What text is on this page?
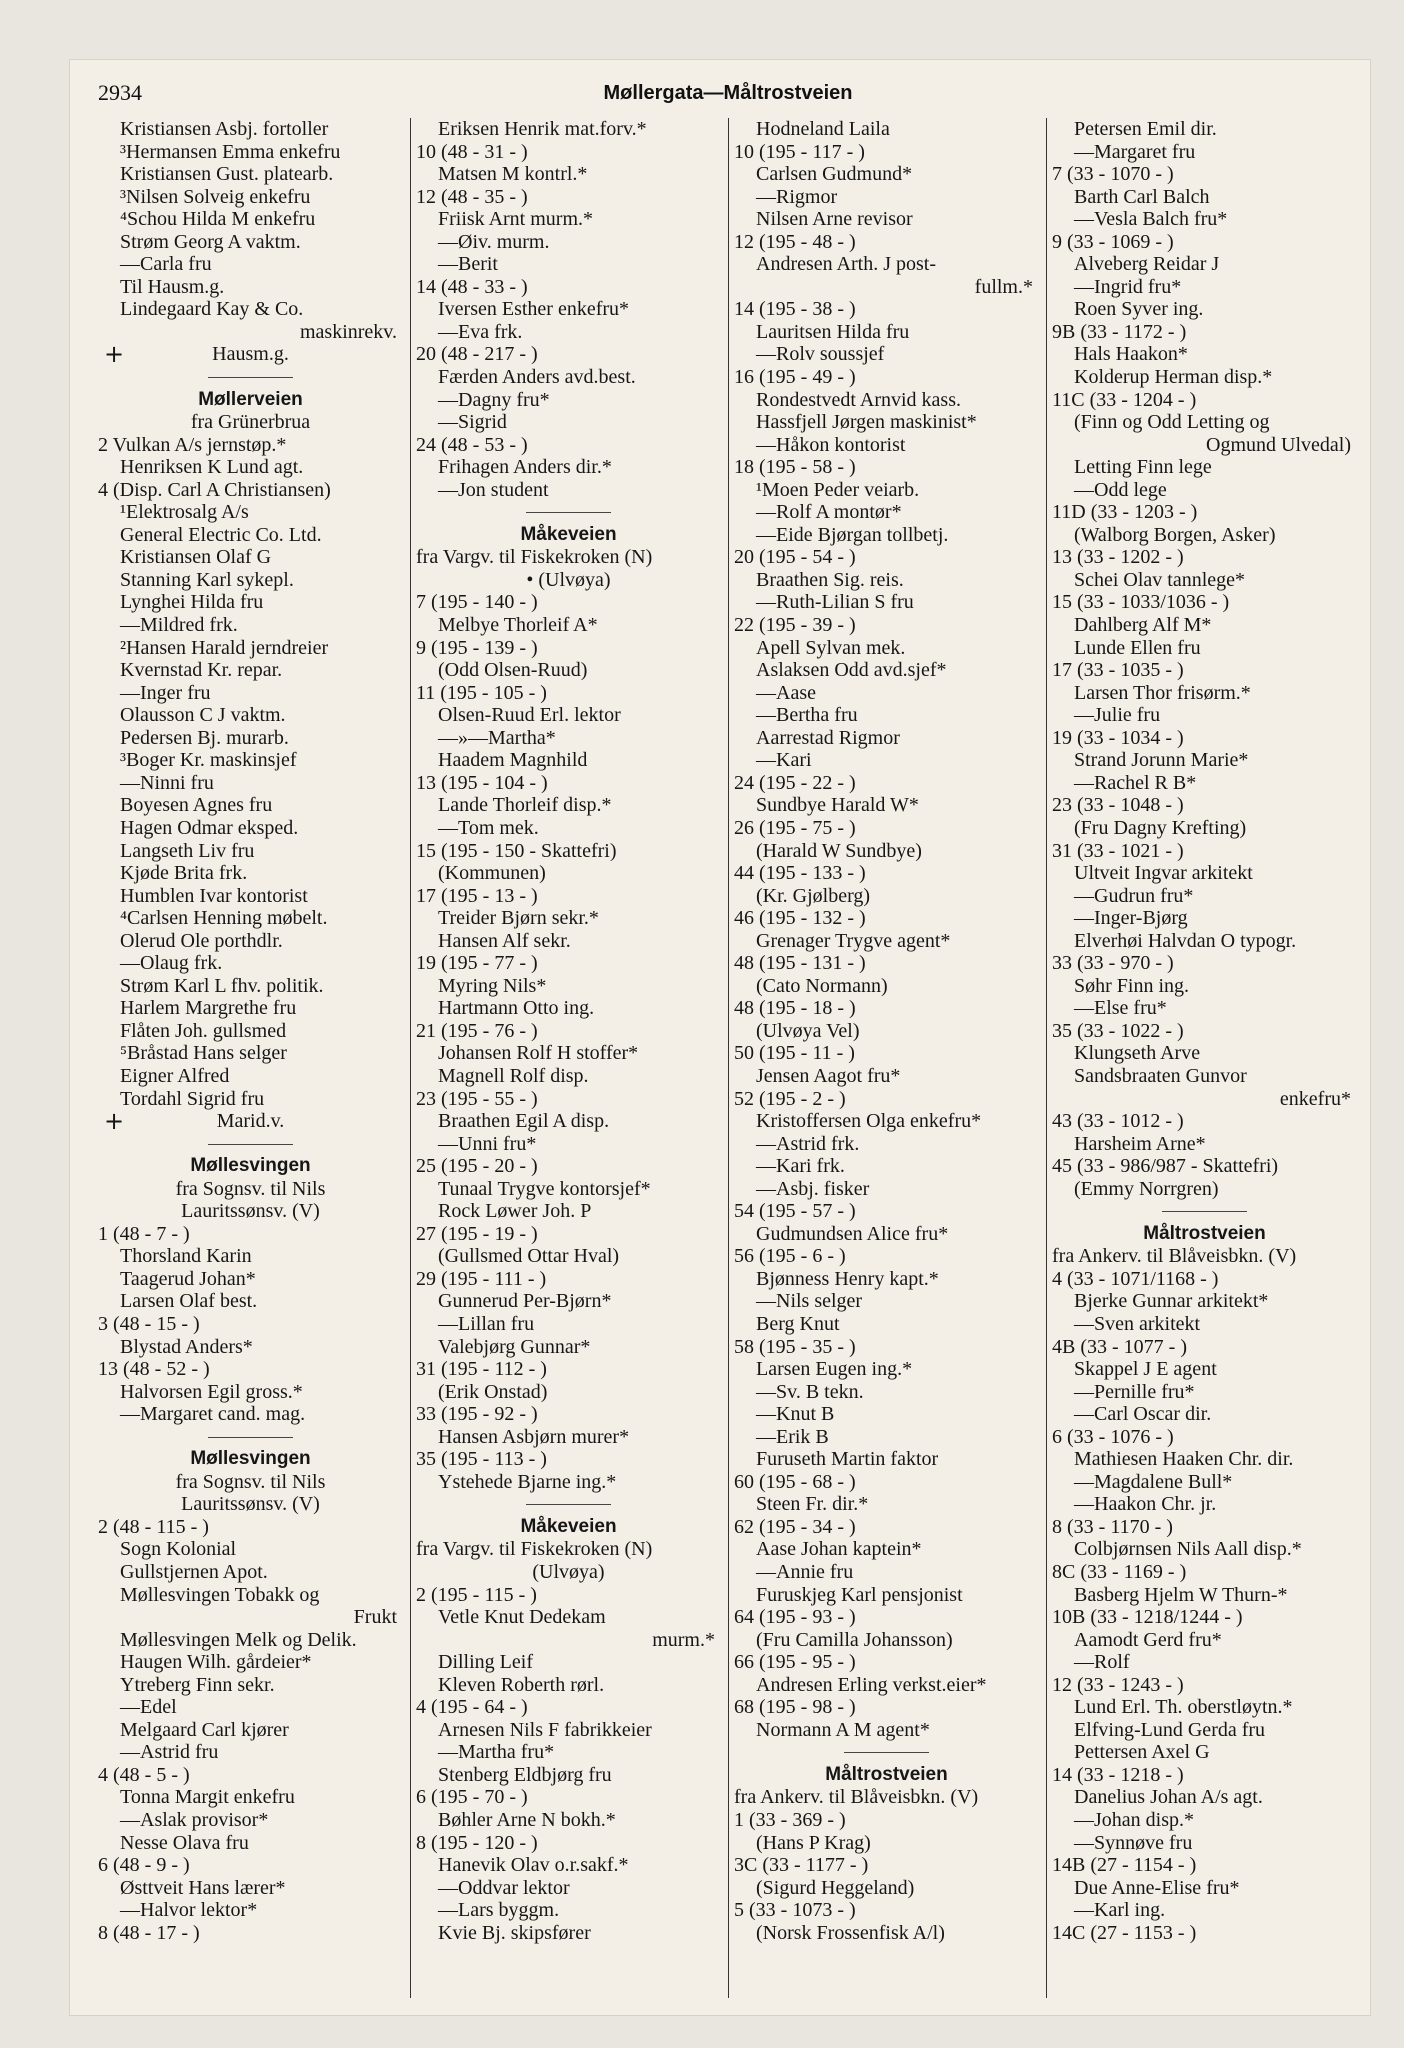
2934	Møllergata—Måltrostveien
Kristiansen Asbj. fortoller
³Hermansen Emma enkefru
Kristiansen Gust. platearb.
³Nilsen Solveig enkefru
⁴Schou Hilda M enkefru
Strøm Georg A vaktm.
—Carla fru
Til Hausm.g.
Lindegaard Kay & Co.
maskinrekv.
+	Hausm.g.
Møllerveien
fra Grünerbrua
2 Vulkan A/s jernstøp.*
Henriksen K Lund agt.
4 (Disp. Carl A Christiansen)
¹Elektrosalg A/s
General Electric Co. Ltd.
Kristiansen Olaf G
Stanning Karl sykepl.
Lynghei Hilda fru
—Mildred frk.
²Hansen Harald jerndreier
Kvernstad Kr. repar.
—Inger fru
Olausson C J vaktm.
Pedersen Bj. murarb.
³Boger Kr. maskinsjef
—Ninni fru
Boyesen Agnes fru
Hagen Odmar eksped.
Langseth Liv fru
Kjøde Brita frk.
Humblen Ivar kontorist
⁴Carlsen Henning møbelt.
Olerud Ole porthdlr.
—Olaug frk.
Strøm Karl L fhv. politik.
Harlem Margrethe fru
Flåten Joh. gullsmed
⁵Bråstad Hans selger
Eigner Alfred
Tordahl Sigrid fru
+	Marid.v.
Møllesvingen
fra Sognsv. til Nils
Lauritssønsv. (V)
1 (48 - 7 - )
Thorsland Karin
Taagerud Johan*
Larsen Olaf best.
3 (48 - 15 - )
Blystad Anders*
13 (48 - 52 - )
Halvorsen Egil gross.*
—Margaret cand. mag.
Møllesvingen
fra Sognsv. til Nils
Lauritssønsv. (V)
2 (48 - 115 - )
Sogn Kolonial
Gullstjernen Apot.
Møllesvingen Tobakk og
Frukt
Møllesvingen Melk og Delik.
Haugen Wilh. gårdeier*
Ytreberg Finn sekr.
—Edel
Melgaard Carl kjører
—Astrid fru
4 (48 - 5 - )
Tonna Margit enkefru
—Aslak provisor*
Nesse Olava fru
6 (48 - 9 - )
Østtveit Hans lærer*
—Halvor lektor*
8 (48 - 17 - )
Eriksen Henrik mat.forv.*
10 (48 - 31 - )
Matsen M kontrl.*
12 (48 - 35 - )
Friisk Arnt murm.*
—Øiv. murm.
—Berit
14 (48 - 33 - )
Iversen Esther enkefru*
—Eva frk.
20 (48 - 217 - )
Færden Anders avd.best.
—Dagny fru*
—Sigrid
24 (48 - 53 - )
Frihagen Anders dir.*
—Jon student
Måkeveien
fra Vargv. til Fiskekroken (N)
• (Ulvøya)
7 (195 - 140 - )
Melbye Thorleif A*
9 (195 - 139 - )
(Odd Olsen-Ruud)
11 (195 - 105 - )
Olsen-Ruud Erl. lektor
—»—Martha*
Haadem Magnhild
13 (195 - 104 - )
Lande Thorleif disp.*
—Tom mek.
15 (195 - 150 - Skattefri)
(Kommunen)
17 (195 - 13 - )
Treider Bjørn sekr.*
Hansen Alf sekr.
19 (195 - 77 - )
Myring Nils*
Hartmann Otto ing.
21 (195 - 76 - )
Johansen Rolf H stoffer*
Magnell Rolf disp.
23 (195 - 55 - )
Braathen Egil A disp.
—Unni fru*
25 (195 - 20 - )
Tunaal Trygve kontorsjef*
Rock Løwer Joh. P
27 (195 - 19 - )
(Gullsmed Ottar Hval)
29 (195 - 111 - )
Gunnerud Per-Bjørn*
—Lillan fru
Valebjørg Gunnar*
31 (195 - 112 - )
(Erik Onstad)
33 (195 - 92 - )
Hansen Asbjørn murer*
35 (195 - 113 - )
Ystehede Bjarne ing.*
Måkeveien
fra Vargv. til Fiskekroken (N)
(Ulvøya)
2 (195 - 115 - )
Vetle Knut Dedekam
murm.*
Dilling Leif
Kleven Roberth rørl.
4 (195 - 64 - )
Arnesen Nils F fabrikkeier
—Martha fru*
Stenberg Eldbjørg fru
6 (195 - 70 - )
Bøhler Arne N bokh.*
8 (195 - 120 - )
Hanevik Olav o.r.sakf.*
—Oddvar lektor
—Lars byggm.
Kvie Bj. skipsfører
Hodneland Laila
10 (195 - 117 - )
Carlsen Gudmund*
—Rigmor
Nilsen Arne revisor
12 (195 - 48 - )
Andresen Arth. J post-
fullm.*
14 (195 - 38 - )
Lauritsen Hilda fru
—Rolv soussjef
16 (195 - 49 - )
Rondestvedt Arnvid kass.
Hassfjell Jørgen maskinist*
—Håkon kontorist
18 (195 - 58 - )
¹Moen Peder veiarb.
—Rolf A montør*
—Eide Bjørgan tollbetj.
20 (195 - 54 - )
Braathen Sig. reis.
—Ruth-Lilian S fru
22 (195 - 39 - )
Apell Sylvan mek.
Aslaksen Odd avd.sjef*
—Aase
—Bertha fru
Aarrestad Rigmor
—Kari
24 (195 - 22 - )
Sundbye Harald W*
26 (195 - 75 - )
(Harald W Sundbye)
44 (195 - 133 - )
(Kr. Gjølberg)
46 (195 - 132 - )
Grenager Trygve agent*
48 (195 - 131 - )
(Cato Normann)
48 (195 - 18 - )
(Ulvøya Vel)
50 (195 - 11 - )
Jensen Aagot fru*
52 (195 - 2 - )
Kristoffersen Olga enkefru*
—Astrid frk.
—Kari frk.
—Asbj. fisker
54 (195 - 57 - )
Gudmundsen Alice fru*
56 (195 - 6 - )
Bjønness Henry kapt.*
—Nils selger
Berg Knut
58 (195 - 35 - )
Larsen Eugen ing.*
—Sv. B tekn.
—Knut B
—Erik B
Furuseth Martin faktor
60 (195 - 68 - )
Steen Fr. dir.*
62 (195 - 34 - )
Aase Johan kaptein*
—Annie fru
Furuskjeg Karl pensjonist
64 (195 - 93 - )
(Fru Camilla Johansson)
66 (195 - 95 - )
Andresen Erling verkst.eier*
68 (195 - 98 - )
Normann A M agent*
Måltrostveien
fra Ankerv. til Blåveisbkn. (V)
1 (33 - 369 - )
(Hans P Krag)
3C (33 - 1177 - )
(Sigurd Heggeland)
5 (33 - 1073 - )
(Norsk Frossenfisk A/l)
Petersen Emil dir.
—Margaret fru
7 (33 - 1070 - )
Barth Carl Balch
—Vesla Balch fru*
9 (33 - 1069 - )
Alveberg Reidar J
—Ingrid fru*
Roen Syver ing.
9B (33 - 1172 - )
Hals Haakon*
Kolderup Herman disp.*
11C (33 - 1204 - )
(Finn og Odd Letting og
Ogmund Ulvedal)
Letting Finn lege
—Odd lege
11D (33 - 1203 - )
(Walborg Borgen, Asker)
13 (33 - 1202 - )
Schei Olav tannlege*
15 (33 - 1033/1036 - )
Dahlberg Alf M*
Lunde Ellen fru
17 (33 - 1035 - )
Larsen Thor frisørm.*
—Julie fru
19 (33 - 1034 - )
Strand Jorunn Marie*
—Rachel R B*
23 (33 - 1048 - )
(Fru Dagny Krefting)
31 (33 - 1021 - )
Ultveit Ingvar arkitekt
—Gudrun fru*
—Inger-Bjørg
Elverhøi Halvdan O typogr.
33 (33 - 970 - )
Søhr Finn ing.
—Else fru*
35 (33 - 1022 - )
Klungseth Arve
Sandsbraaten Gunvor
enkefru*
43 (33 - 1012 - )
Harsheim Arne*
45 (33 - 986/987 - Skattefri)
(Emmy Norrgren)
Måltrostveien
fra Ankerv. til Blåveisbkn. (V)
4 (33 - 1071/1168 - )
Bjerke Gunnar arkitekt*
—Sven arkitekt
4B (33 - 1077 - )
Skappel J E agent
—Pernille fru*
—Carl Oscar dir.
6 (33 - 1076 - )
Mathiesen Haaken Chr. dir.
—Magdalene Bull*
—Haakon Chr. jr.
8 (33 - 1170 - )
Colbjørnsen Nils Aall disp.*
8C (33 - 1169 - )
Basberg Hjelm W Thurn-*
10B (33 - 1218/1244 - )
Aamodt Gerd fru*
—Rolf
12 (33 - 1243 - )
Lund Erl. Th. oberstløytn.*
Elfving-Lund Gerda fru
Pettersen Axel G
14 (33 - 1218 - )
Danelius Johan A/s agt.
—Johan disp.*
—Synnøve fru
14B (27 - 1154 - )
Due Anne-Elise fru*
—Karl ing.
14C (27 - 1153 - )
